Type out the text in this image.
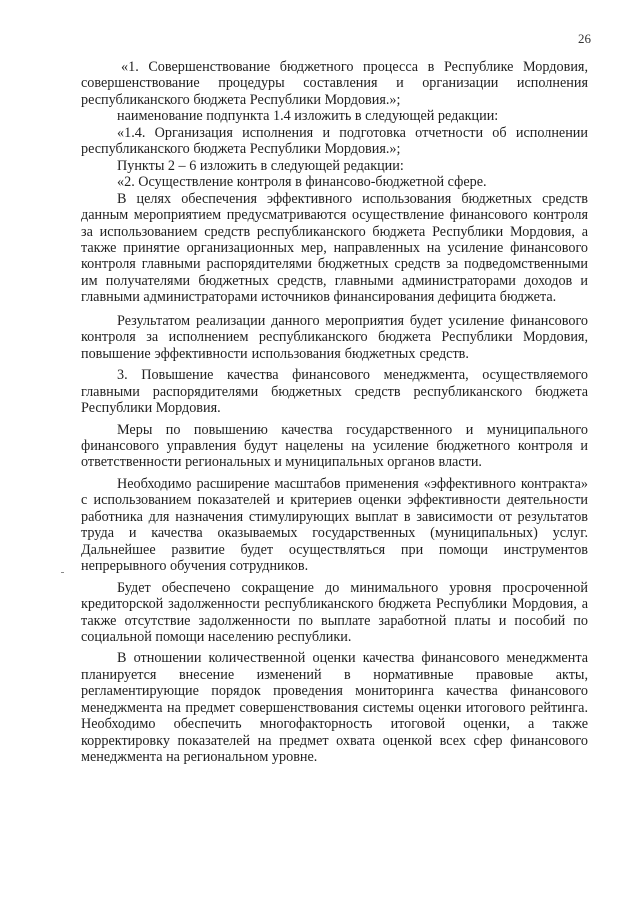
26

«1. Совершенствование бюджетного процесса в Республике Мордовия, совершенствование процедуры составления и организации исполнения республиканского бюджета Республики Мордовия.»;

наименование подпункта 1.4 изложить в следующей редакции:

«1.4. Организация исполнения и подготовка отчетности об исполнении республиканского бюджета Республики Мордовия.»;

Пункты 2 – 6 изложить в следующей редакции:

«2. Осуществление контроля в финансово-бюджетной сфере.

В целях обеспечения эффективного использования бюджетных средств данным мероприятием предусматриваются осуществление финансового контроля за использованием средств республиканского бюджета Республики Мордовия, а также принятие организационных мер, направленных на усиление финансового контроля главными распорядителями бюджетных средств за подведомственными им получателями бюджетных средств, главными администраторами доходов и главными администраторами источников финансирования дефицита бюджета.

Результатом реализации данного мероприятия будет усиление финансового контроля за исполнением республиканского бюджета Республики Мордовия, повышение эффективности использования бюджетных средств.

3. Повышение качества финансового менеджмента, осуществляемого главными распорядителями бюджетных средств республиканского бюджета Республики Мордовия.

Меры по повышению качества государственного и муниципального финансового управления будут нацелены на усиление бюджетного контроля и ответственности региональных и муниципальных органов власти.

Необходимо расширение масштабов применения «эффективного контракта» с использованием показателей и критериев оценки эффективности деятельности работника для назначения стимулирующих выплат в зависимости от результатов труда и качества оказываемых государственных (муниципальных) услуг. Дальнейшее развитие будет осуществляться при помощи инструментов непрерывного обучения сотрудников.

Будет обеспечено сокращение до минимального уровня просроченной кредиторской задолженности республиканского бюджета Республики Мордовия, а также отсутствие задолженности по выплате заработной платы и пособий по социальной помощи населению республики.

В отношении количественной оценки качества финансового менеджмента планируется внесение изменений в нормативные правовые акты, регламентирующие порядок проведения мониторинга качества финансового менеджмента на предмет совершенствования системы оценки итогового рейтинга. Необходимо обеспечить многофакторность итоговой оценки, а также корректировку показателей на предмет охвата оценкой всех сфер финансового менеджмента на региональном уровне.
